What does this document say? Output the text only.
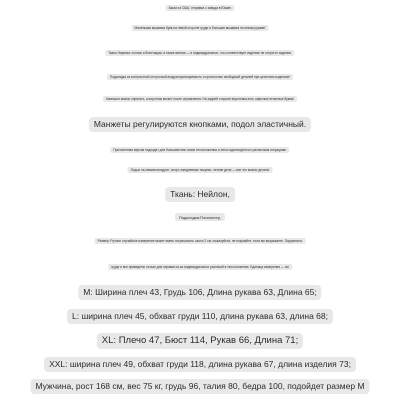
Заказ из США, отправка с завода в Южме.
Маленькая вышивка букв на левой стороне груди и большая вышивка на левом рукаве!
Ткань Нарезка: хлопок и блестящая, а также ватная — в индивидуальных, что соответствует изделию не отпустит изделия.
Подкладка из контрастной отстрочкой воздухопроницаемость и прочностью свободный деталей при цепочном изделиях!
Капюшон можно спрятать, а воротник встает после спрямления. На задней стороне воротника есть офисные печатные буквы!
Манжеты регулируются кнопками, подол эластичный.
Приталенная версия подходит для большинства типов телосложения и легко адаптируется к различным ситуациям.
Отдых на свежем воздухе, спорт, ежедневные покупки, летние дела — все это можно делать!
Ткань: Нейлон,
Подкладка:Полиэстер,
Размер: Ручное случайное измерение может иметь погрешность около 2 см, пожалуйста, не покупайте, если вы возражаете. Окружность
груди и все приведены только для справки из-за индивидуальных различий в телосложении. Единица измерения — см
М: Ширина плеч 43, Грудь 106, Длина рукава 63, Длина 65;
L: ширина плеч 45, обхват груди 110, длина рукава 63, длина 68;
XL: Плечо 47, Бюст 114, Рукав 66, Длина 71;
XXL: ширина плеч 49, обхват груди 118, длина рукава 67, длина изделия 73;
Мужчина, рост 168 см, вес 75 кг, грудь 96, талия 80, бедра 100, подойдет размер М
